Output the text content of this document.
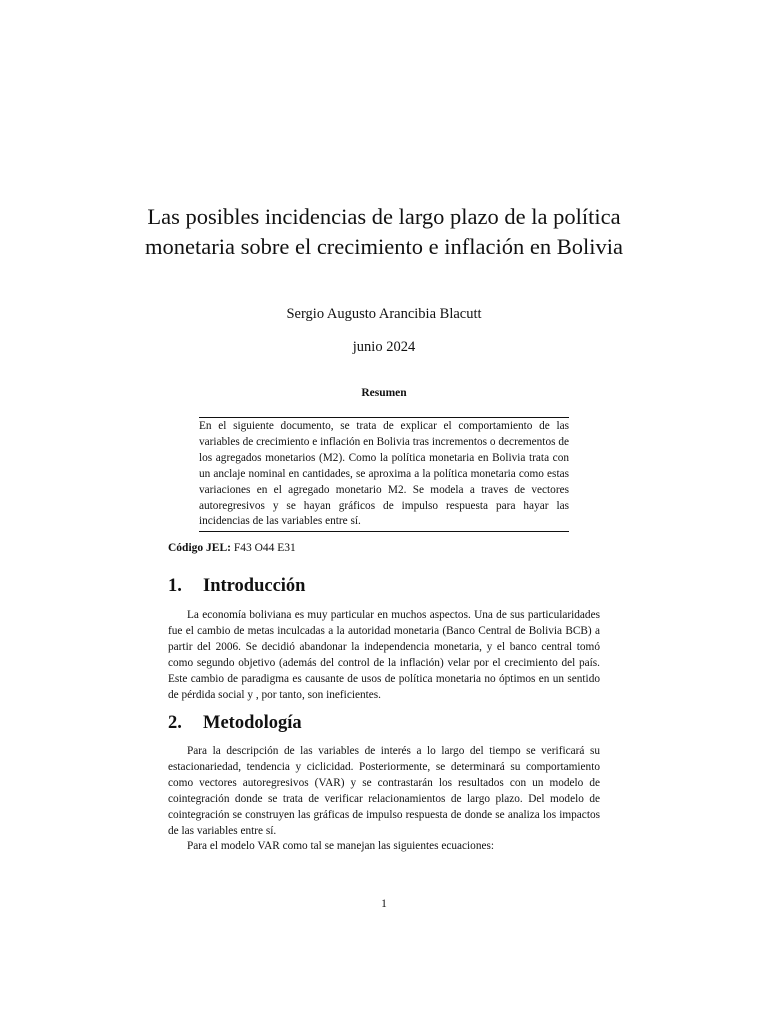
Las posibles incidencias de largo plazo de la política monetaria sobre el crecimiento e inflación en Bolivia
Sergio Augusto Arancibia Blacutt
junio 2024
Resumen
En el siguiente documento, se trata de explicar el comportamiento de las variables de crecimiento e inflación en Bolivia tras incrementos o decrementos de los agregados monetarios (M2). Como la política monetaria en Bolivia trata con un anclaje nominal en cantidades, se aproxima a la política monetaria como estas variaciones en el agregado monetario M2. Se modela a traves de vectores autoregresivos y se hayan gráficos de impulso respuesta para hayar las incidencias de las variables entre sí.
Código JEL: F43 O44 E31
1. Introducción

La economía boliviana es muy particular en muchos aspectos. Una de sus particularidades fue el cambio de metas inculcadas a la autoridad monetaria (Banco Central de Bolivia BCB) a partir del 2006. Se decidió abandonar la independencia monetaria, y el banco central tomó como segundo objetivo (además del control de la inflación) velar por el crecimiento del país. Este cambio de paradigma es causante de usos de política monetaria no óptimos en un sentido de pérdida social y , por tanto, son ineficientes.

2. Metodología

Para la descripción de las variables de interés a lo largo del tiempo se verificará su estacionariedad, tendencia y ciclicidad. Posteriormente, se determinará su comportamiento como vectores autoregresivos (VAR) y se contrastarán los resultados con un modelo de cointegración donde se trata de verificar relacionamientos de largo plazo. Del modelo de cointegración se construyen las gráficas de impulso respuesta de donde se analiza los impactos de las variables entre sí.

Para el modelo VAR como tal se manejan las siguientes ecuaciones:

1
